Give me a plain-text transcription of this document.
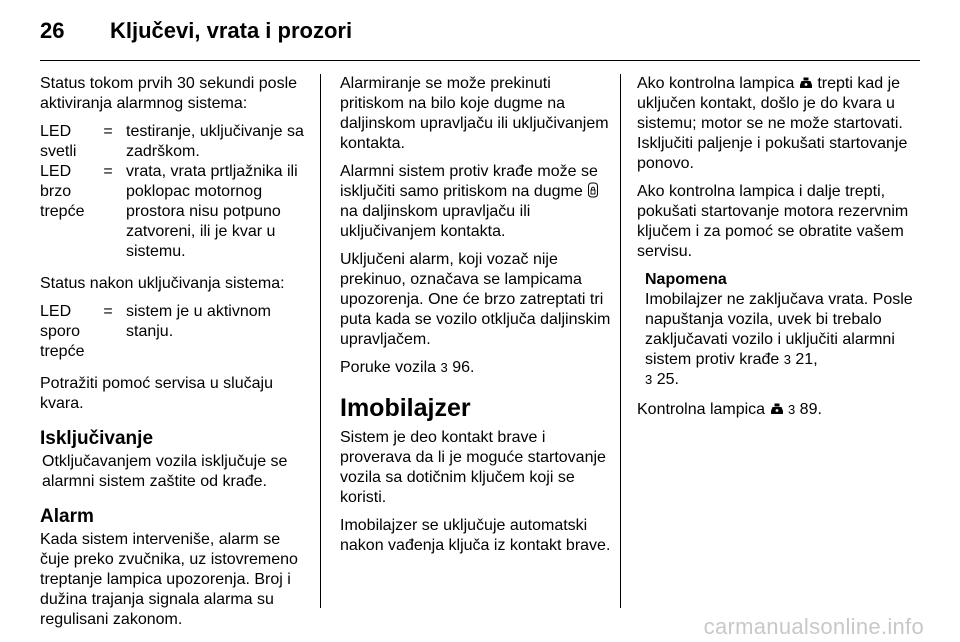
26 Ključevi, vrata i prozori

Status tokom prvih 30 sekundi posle aktiviranja alarmnog sistema:

LED svetli	=	testiranje, uključivanje sa zadrškom.
LED brzo trepće	=	vrata, vrata prtljažnika ili poklopac motornog prostora nisu potpuno zatvoreni, ili je kvar u sistemu.

Status nakon uključivanja sistema:

LED sporo trepće	=	sistem je u aktivnom stanju.

Potražiti pomoć servisa u slučaju kvara.

Isključivanje

Otključavanjem vozila isključuje se alarmni sistem zaštite od krađe.

Alarm

Kada sistem interveniše, alarm se čuje preko zvučnika, uz istovremeno treptanje lampica upozorenja. Broj i dužina trajanja signala alarma su regulisani zakonom.

Alarmiranje se može prekinuti pritiskom na bilo koje dugme na daljinskom upravljaču ili uključivanjem kontakta.

Alarmni sistem protiv krađe može se isključiti samo pritiskom na dugme  na daljinskom upravljaču ili uključivanjem kontakta.

Uključeni alarm, koji vozač nije prekinuo, označava se lampicama upozorenja. One će brzo zatreptati tri puta kada se vozilo otključa daljinskim upravljačem.

Poruke vozila 3 96.

Imobilajzer

Sistem je deo kontakt brave i proverava da li je moguće startovanje vozila sa dotičnim ključem koji se koristi.

Imobilajzer se uključuje automatski nakon vađenja ključa iz kontakt brave.

Ako kontrolna lampica trepti kad je uključen kontakt, došlo je do kvara u sistemu; motor se ne može startovati. Isključiti paljenje i pokušati startovanje ponovo.

Ako kontrolna lampica i dalje trepti, pokušati startovanje motora rezervnim ključem i za pomoć se obratite vašem servisu.

Napomena

Imobilajzer ne zaključava vrata. Posle napuštanja vozila, uvek bi trebalo zaključavati vozilo i uključiti alarmni sistem protiv krađe 3 21,
3 25.

Kontrolna lampica 3 89.

carmanualsonline.info
